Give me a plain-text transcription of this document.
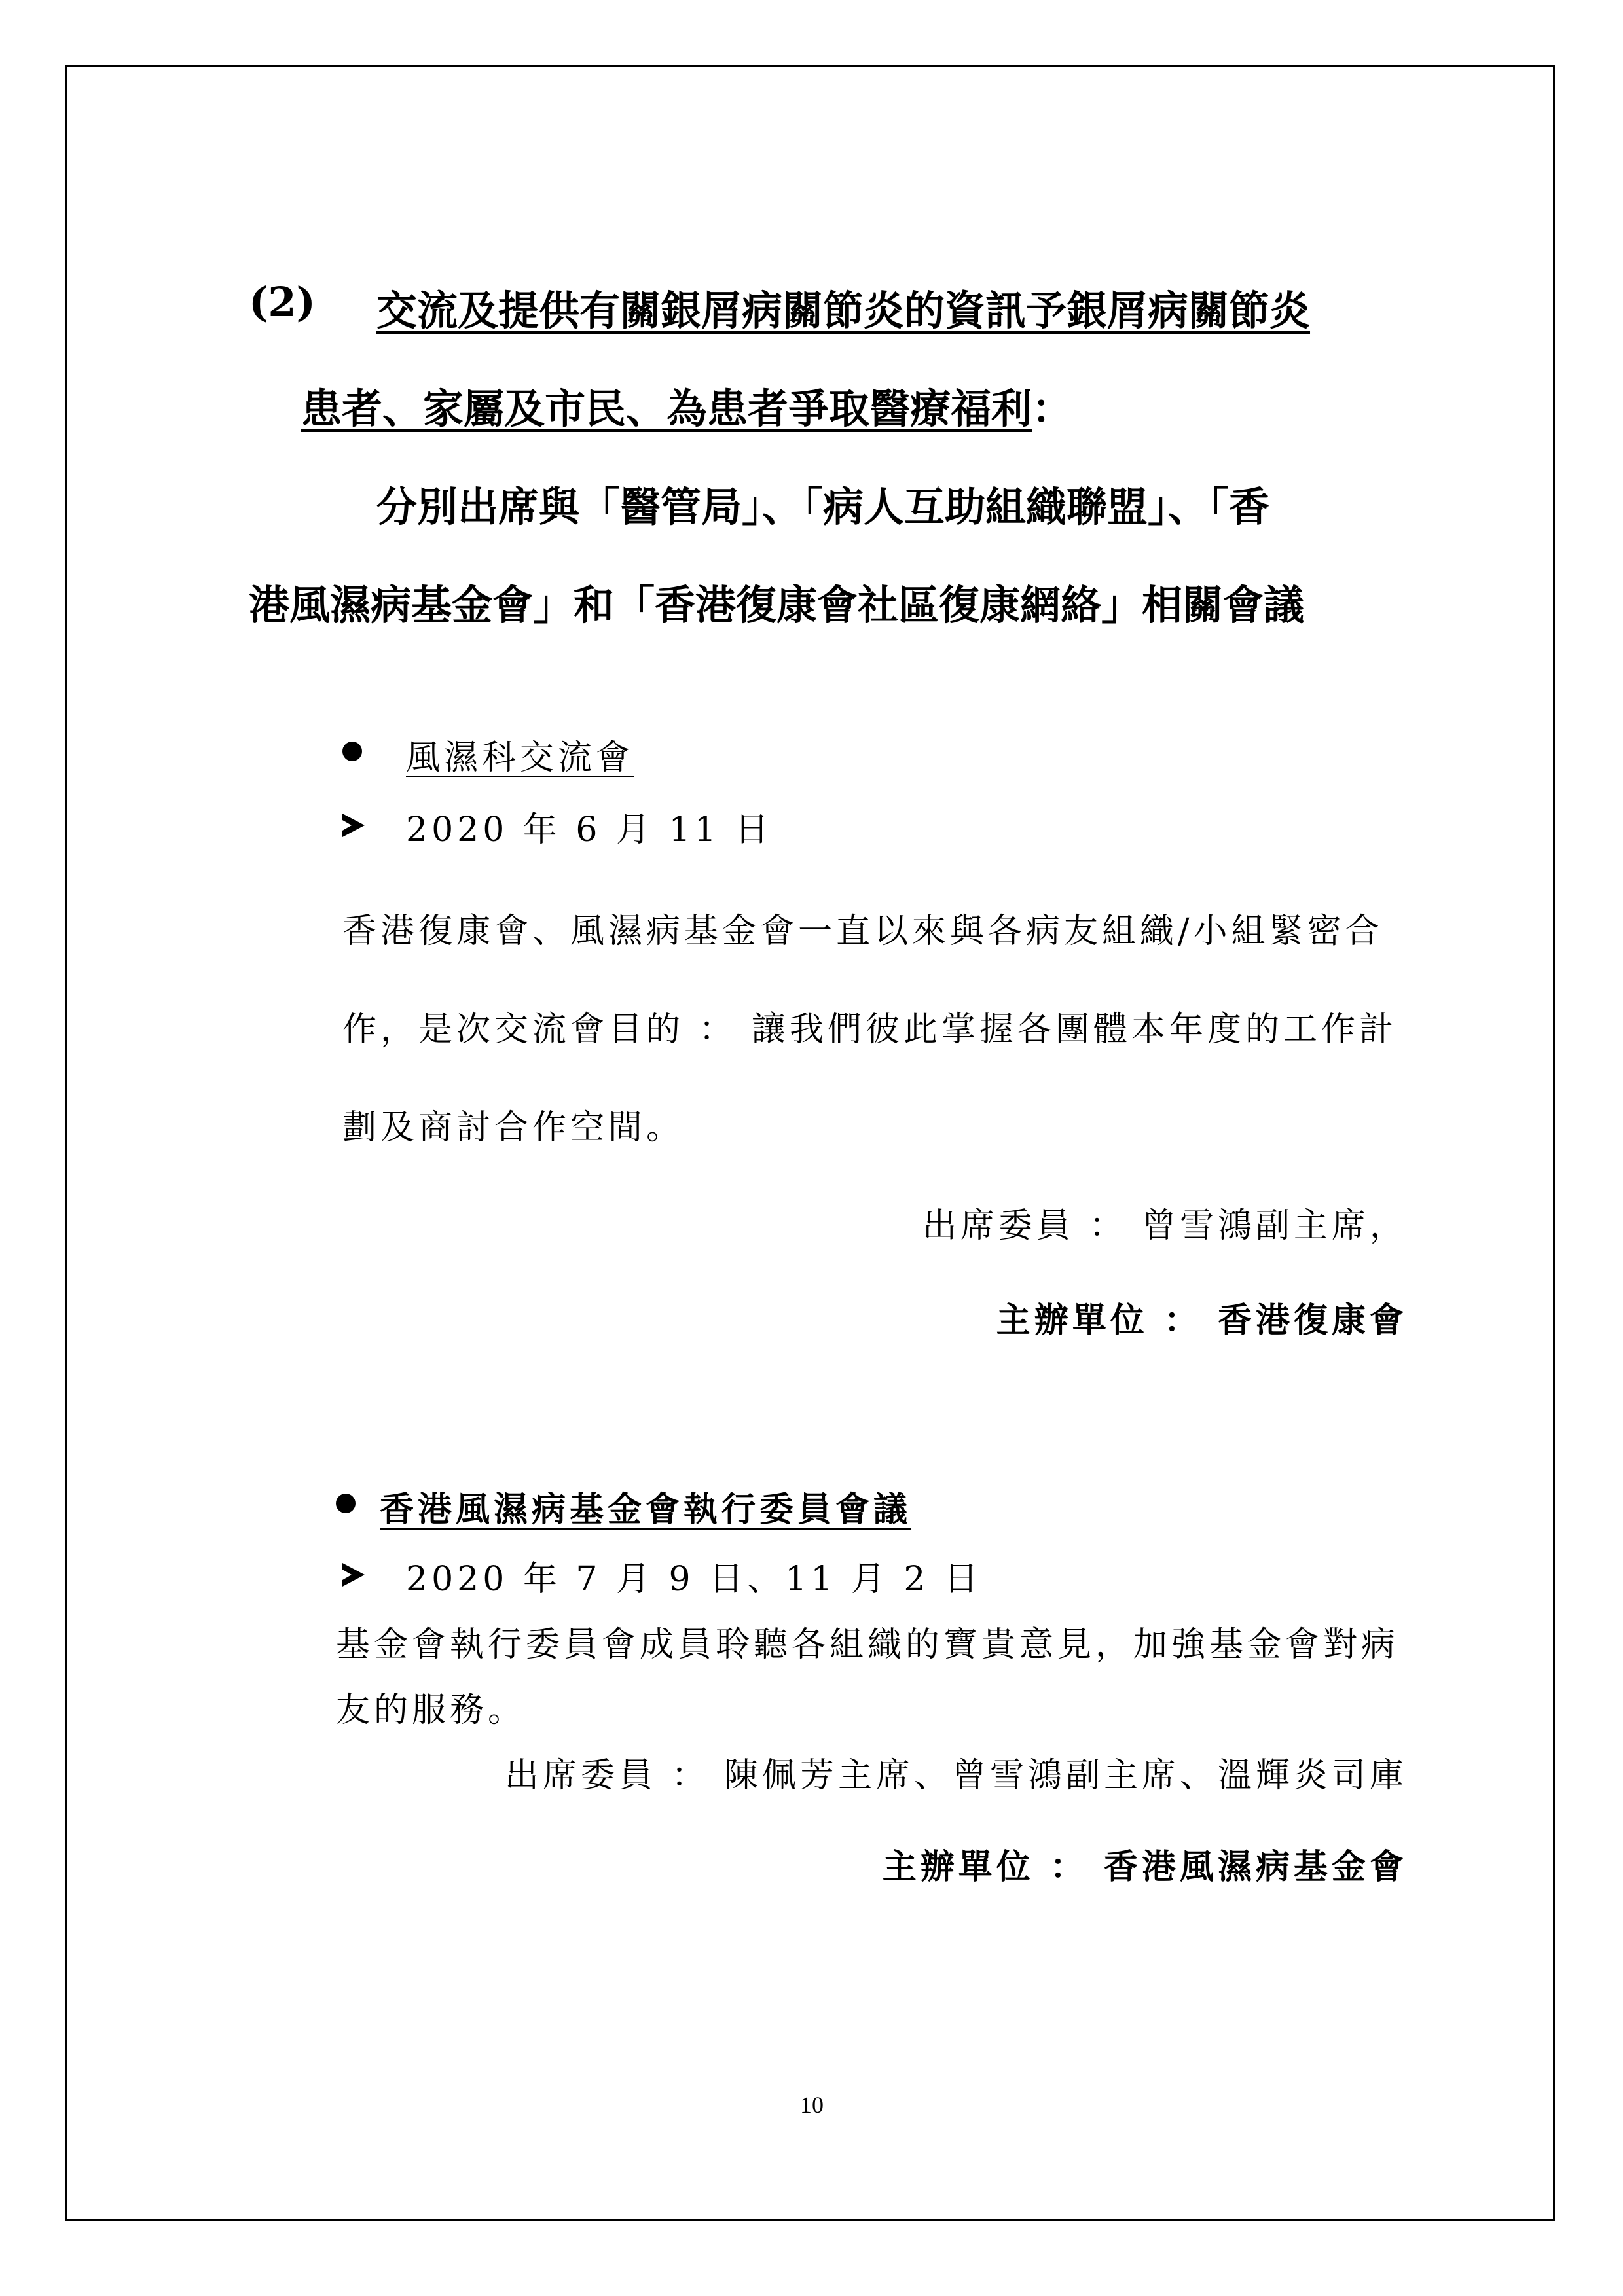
(2) 交流及提供有關銀屑病關節炎的資訊予銀屑病關節炎
患者、家屬及市民、為患者爭取醫療福利：
分別出席與「醫管局」、「病人互助組織聯盟」、「香
港風濕病基金會」和「香港復康會社區復康網絡」相關會議
風濕科交流會
2020 年 6 月 11 日
香港復康會、風濕病基金會一直以來與各病友組織/小組緊密合
作，是次交流會目的 ： 讓我們彼此掌握各團體本年度的工作計
劃及商討合作空間。
出席委員 ： 曾雪鴻副主席，
主辦單位 ： 香港復康會
香港風濕病基金會執行委員會議
2020 年 7 月 9 日、11 月 2 日
基金會執行委員會成員聆聽各組織的寶貴意見，加強基金會對病
友的服務。
出席委員 ： 陳佩芳主席、曾雪鴻副主席、溫輝炎司庫
主辦單位 ： 香港風濕病基金會
10
